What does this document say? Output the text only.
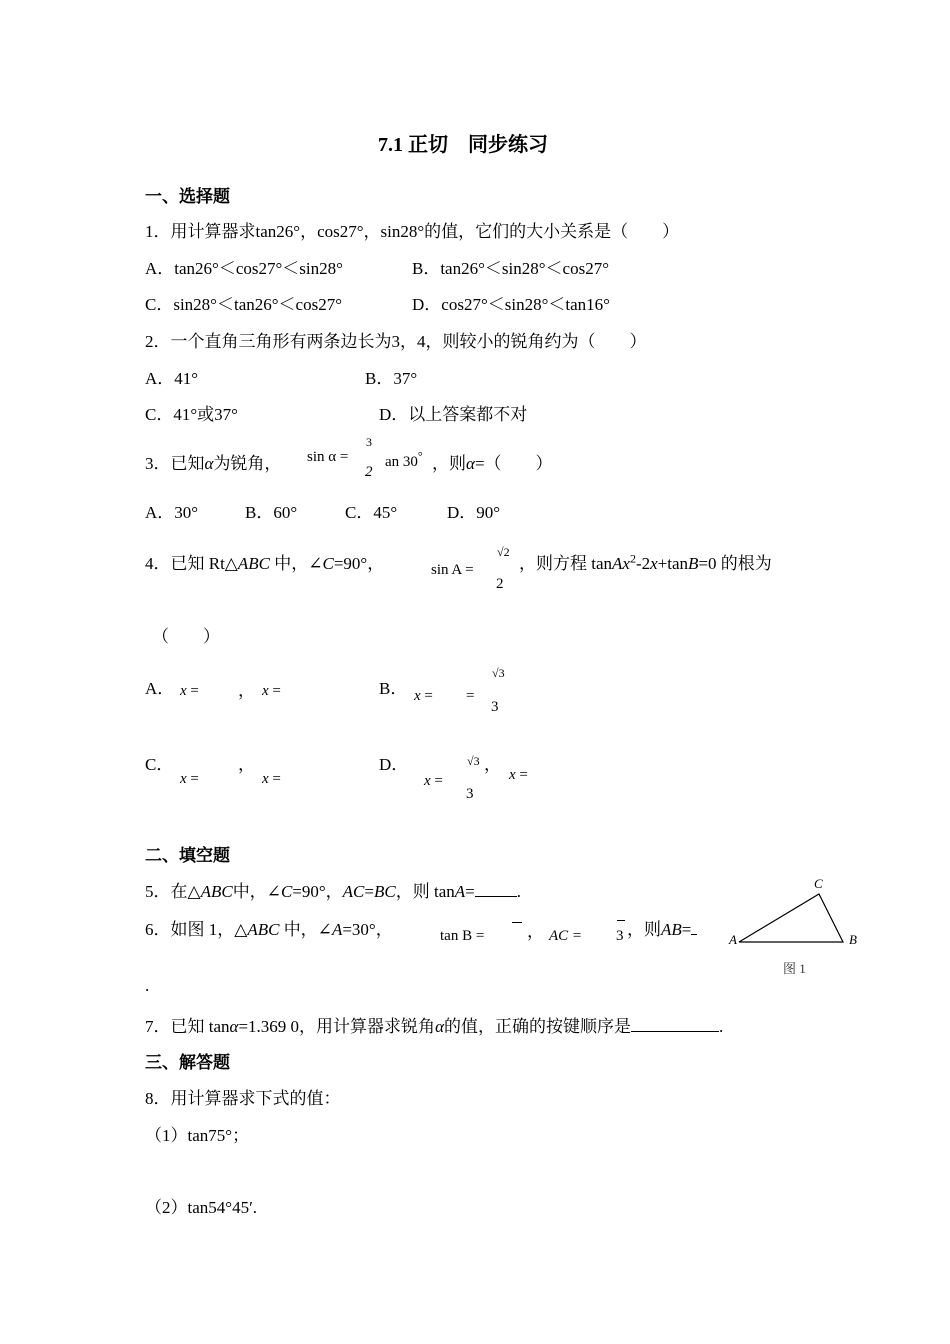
7.1 正切　同步练习
一、选择题
1．用计算器求tan26°，cos27°，sin28°的值，它们的大小关系是（　　）
A．tan26°＜cos27°＜sin28°	B．tan26°＜sin28°＜cos27°
C．sin28°＜tan26°＜cos27°	D．cos27°＜sin28°＜tan16°
2．一个直角三角形有两条边长为3，4，则较小的锐角约为（　　）
A．41°	B．37°
C．41°或37°	D．以上答案都不对
3．已知α为锐角， sin α =
3
2
an 30° ，则α=（　　）
A．30°	B．60°	C．45°	D．90°
4．已知 Rt△ABC 中，∠C=90°，	sin A =
√2
2
，则方程 tanAx$^2$-2x+tanB=0 的根为
（　　）
A． x = ， x =	B． x =
√3
3
=
C．
x =
，
x =
D．
x =
√3
3
，
x =
二、填空题
5．在△ABC中，∠C=90°，AC=BC，则 tanA= .
6．如图 1，△ABC 中，∠A=30°，	tan B =	， AC = 3 ，则AB=
.
A	B
C
图 1
7．已知 tanα=1.369 0，用计算器求锐角α的值，正确的按键顺序是	.
三、解答题
8．用计算器求下式的值：
（1）tan75°；
（2）tan54°45′.
